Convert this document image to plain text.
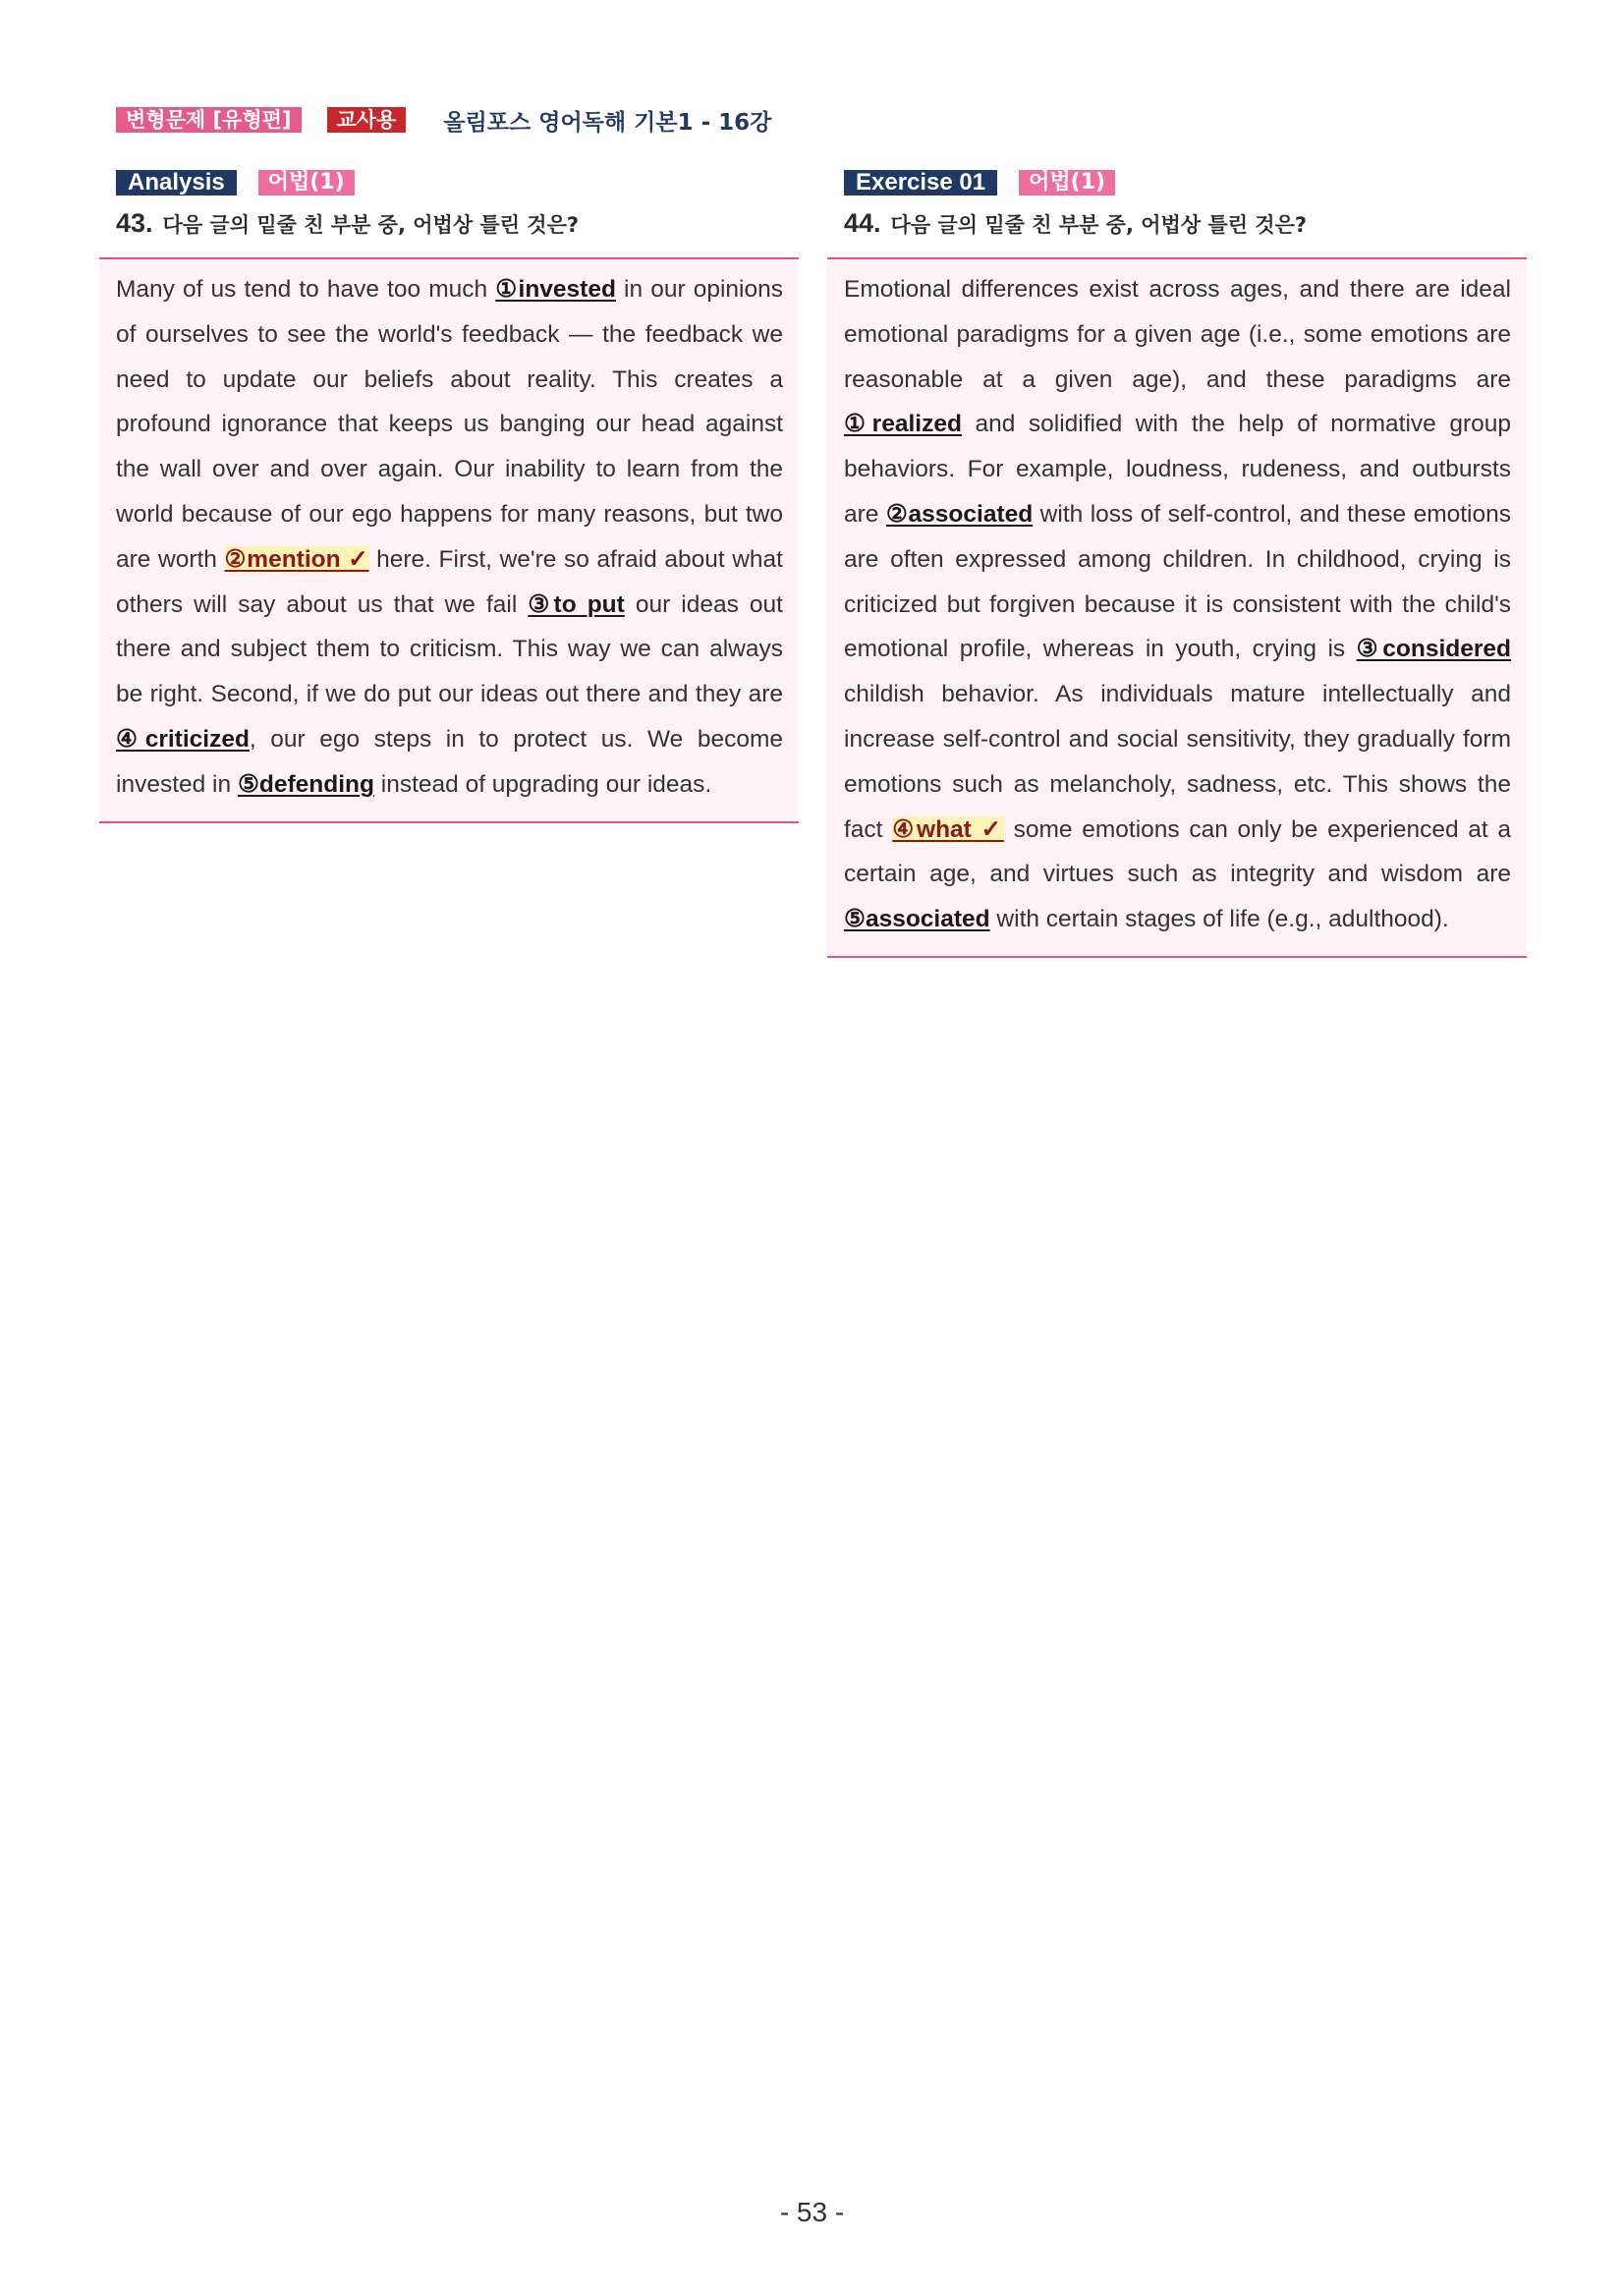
변형문제 [유형편]	교사용	올림포스 영어독해 기본1 - 16강
Analysis	어법(1)
43. 다음 글의 밑줄 친 부분 중, 어법상 틀린 것은?

Many of us tend to have too much ①invested in our opinions of ourselves to see the world's feedback — the feedback we need to update our beliefs about reality. This creates a profound ignorance that keeps us banging our head against the wall over and over again. Our inability to learn from the world because of our ego happens for many reasons, but two are worth ②mention ✓ here. First, we're so afraid about what others will say about us that we fail ③to put our ideas out there and subject them to criticism. This way we can always be right. Second, if we do put our ideas out there and they are ④criticized, our ego steps in to protect us. We become invested in ⑤defending instead of upgrading our ideas.

Exercise 01	어법(1)
44. 다음 글의 밑줄 친 부분 중, 어법상 틀린 것은?

Emotional differences exist across ages, and there are ideal emotional paradigms for a given age (i.e., some emotions are reasonable at a given age), and these paradigms are ①realized and solidified with the help of normative group behaviors. For example, loudness, rudeness, and outbursts are ②associated with loss of self-control, and these emotions are often expressed among children. In childhood, crying is criticized but forgiven because it is consistent with the child's emotional profile, whereas in youth, crying is ③considered childish behavior. As individuals mature intellectually and increase self-control and social sensitivity, they gradually form emotions such as melancholy, sadness, etc. This shows the fact ④what ✓ some emotions can only be experienced at a certain age, and virtues such as integrity and wisdom are ⑤associated with certain stages of life (e.g., adulthood).

- 53 -
